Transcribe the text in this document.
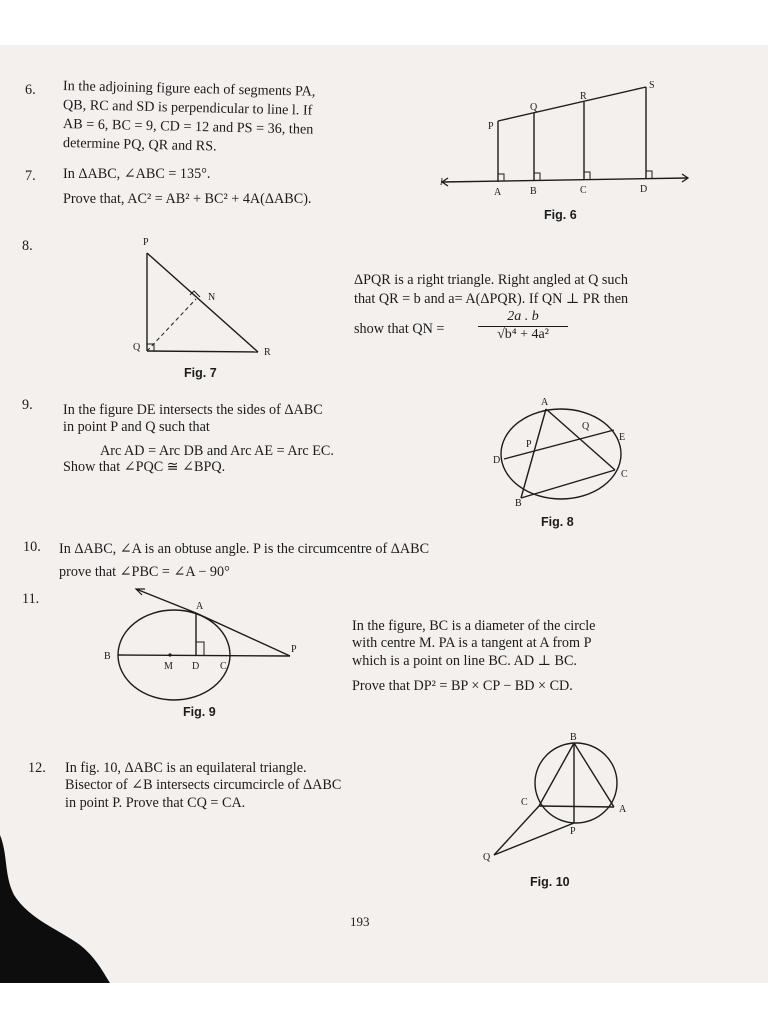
6. In the adjoining figure each of segments PA,
QB, RC and SD is perpendicular to line l. If
AB = 6, BC = 9, CD = 12 and PS = 36, then
determine PQ, QR and RS.
P
Q
R
S
A	B	C	D
l
Fig. 6
7. In ΔABC, ∠ABC = 135°.
Prove that, AC² = AB² + BC² + 4A(ΔABC).
8.	P
N
Q	R
Fig. 7
ΔPQR is a right triangle. Right angled at Q such
that QR = b and a= A(ΔPQR). If QN ⊥ PR then
show that QN = $\frac{2a . b}{\text{√b⁴ + 4a²}}$
9. In the figure DE intersects the sides of ΔABC
in point P and Q such that
Arc AD = Arc DB and Arc AE = Arc EC.
Show that ∠PQC ≅ ∠BPQ.
A
Q
E
P
D
C
B
Fig. 8
10. In ΔABC, ∠A is an obtuse angle. P is the circumcentre of ΔABC
prove that ∠PBC = ∠A − 90°
11.	A
B
M D C
P
Fig. 9
In the figure, BC is a diameter of the circle
with centre M. PA is a tangent at A from P
which is a point on line BC. AD ⊥ BC.
Prove that DP² = BP × CP − BD × CD.
12. In fig. 10, ΔABC is an equilateral triangle.
Bisector of ∠B intersects circumcircle of ΔABC
in point P. Prove that CQ = CA.
B
C
A
P
Q
Fig. 10
193
